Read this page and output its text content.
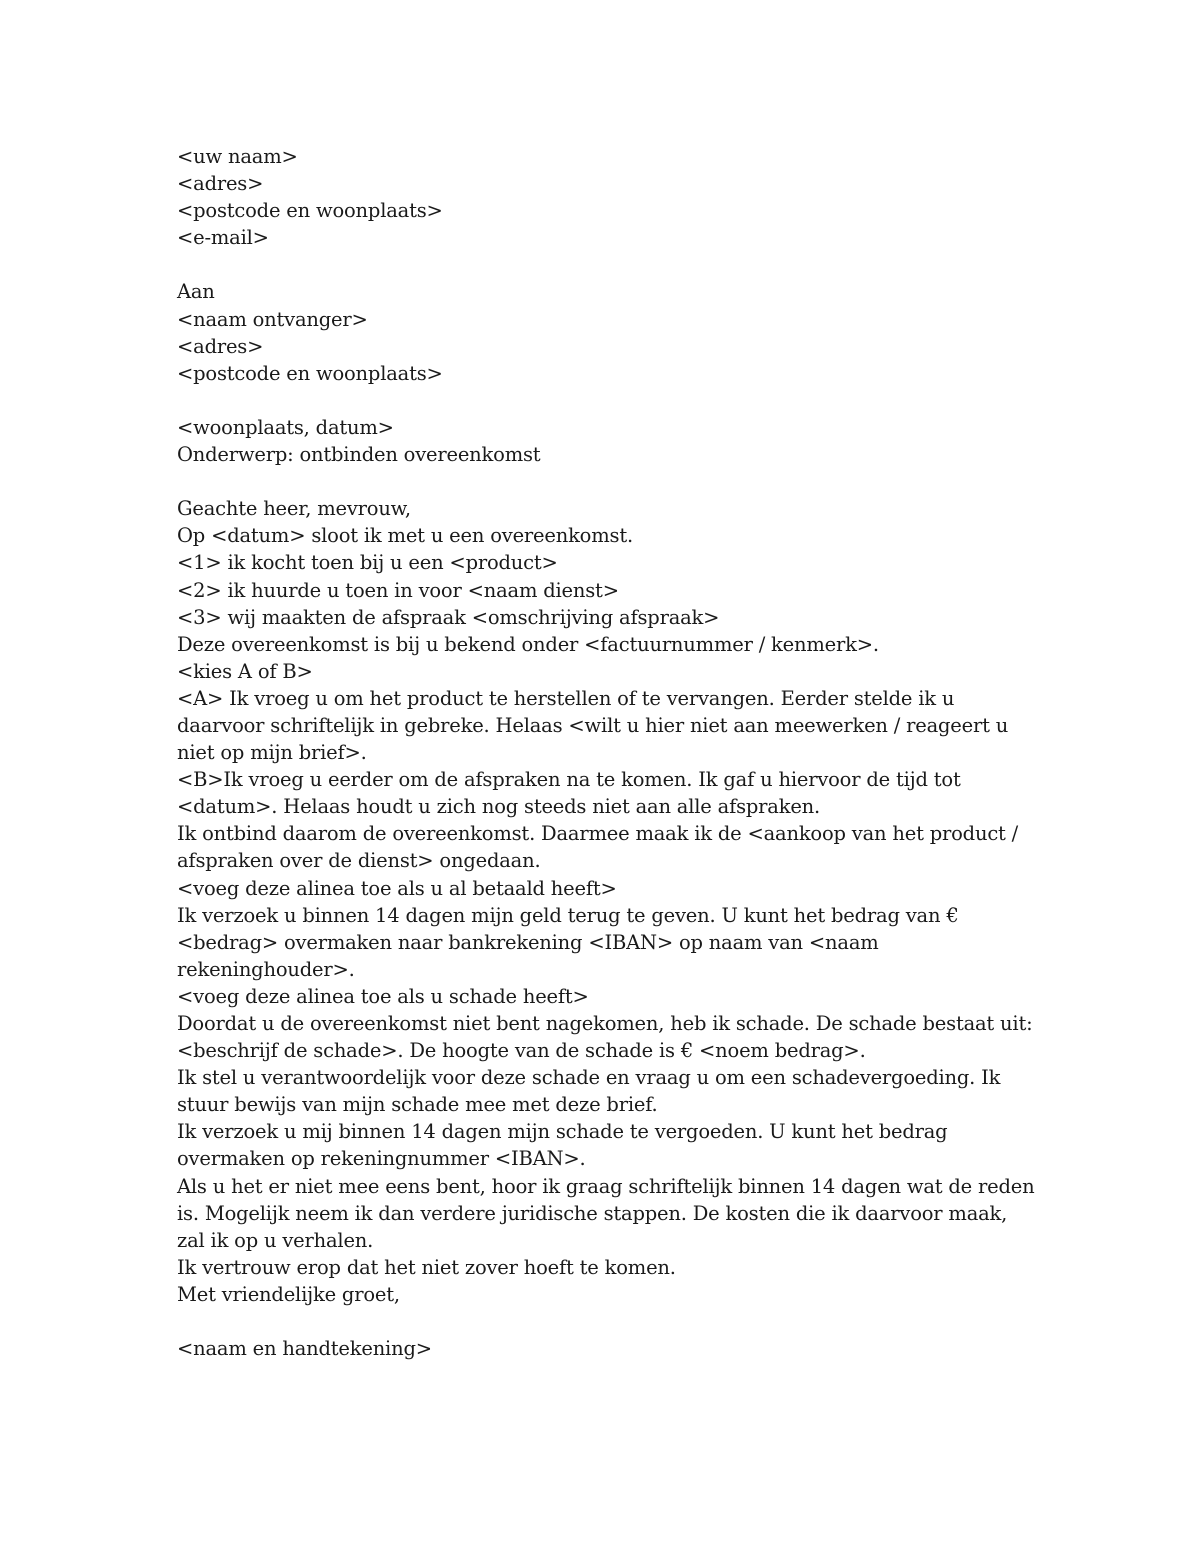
<uw naam>
<adres>
<postcode en woonplaats>
<e-mail>
Aan
<naam ontvanger>
<adres>
<postcode en woonplaats>
<woonplaats, datum>
Onderwerp: ontbinden overeenkomst
Geachte heer, mevrouw,
Op <datum> sloot ik met u een overeenkomst.
<1> ik kocht toen bij u een <product>
<2> ik huurde u toen in voor <naam dienst>
<3> wij maakten de afspraak <omschrijving afspraak>
Deze overeenkomst is bij u bekend onder <factuurnummer / kenmerk>.
<kies A of B>
<A> Ik vroeg u om het product te herstellen of te vervangen. Eerder stelde ik u daarvoor schriftelijk in gebreke. Helaas <wilt u hier niet aan meewerken / reageert u niet op mijn brief>.
<B>Ik vroeg u eerder om de afspraken na te komen. Ik gaf u hiervoor de tijd tot <datum>. Helaas houdt u zich nog steeds niet aan alle afspraken.
Ik ontbind daarom de overeenkomst. Daarmee maak ik de <aankoop van het product / afspraken over de dienst> ongedaan.
<voeg deze alinea toe als u al betaald heeft>
Ik verzoek u binnen 14 dagen mijn geld terug te geven. U kunt het bedrag van € <bedrag> overmaken naar bankrekening <IBAN> op naam van <naam rekeninghouder>.
<voeg deze alinea toe als u schade heeft>
Doordat u de overeenkomst niet bent nagekomen, heb ik schade. De schade bestaat uit:<beschrijf de schade>. De hoogte van de schade is € <noem bedrag>.
Ik stel u verantwoordelijk voor deze schade en vraag u om een schadevergoeding. Ik stuur bewijs van mijn schade mee met deze brief.
Ik verzoek u mij binnen 14 dagen mijn schade te vergoeden. U kunt het bedrag overmaken op rekeningnummer <IBAN>.
Als u het er niet mee eens bent, hoor ik graag schriftelijk binnen 14 dagen wat de reden is. Mogelijk neem ik dan verdere juridische stappen. De kosten die ik daarvoor maak, zal ik op u verhalen.
Ik vertrouw erop dat het niet zover hoeft te komen.
Met vriendelijke groet,
<naam en handtekening>
